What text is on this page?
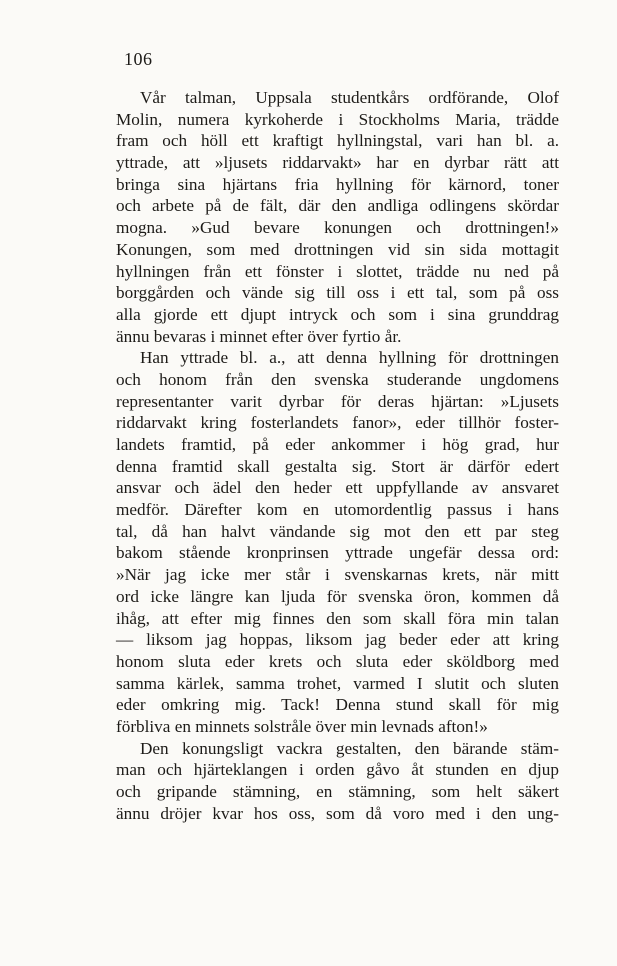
106
Vår talman, Uppsala studentkårs ordförande, Olof
Molin, numera kyrkoherde i Stockholms Maria, trädde
fram och höll ett kraftigt hyllningstal, vari han bl. a.
yttrade, att »ljusets riddarvakt» har en dyrbar rätt att
bringa sina hjärtans fria hyllning för kärnord, toner
och arbete på de fält, där den andliga odlingens skördar
mogna. »Gud bevare konungen och drottningen!»
Konungen, som med drottningen vid sin sida mottagit
hyllningen från ett fönster i slottet, trädde nu ned på
borggården och vände sig till oss i ett tal, som på oss
alla gjorde ett djupt intryck och som i sina grunddrag
ännu bevaras i minnet efter över fyrtio år.
Han yttrade bl. a., att denna hyllning för drottningen
och honom från den svenska studerande ungdomens
representanter varit dyrbar för deras hjärtan: »Ljusets
riddarvakt kring fosterlandets fanor», eder tillhör foster-
landets framtid, på eder ankommer i hög grad, hur
denna framtid skall gestalta sig. Stort är därför edert
ansvar och ädel den heder ett uppfyllande av ansvaret
medför. Därefter kom en utomordentlig passus i hans
tal, då han halvt vändande sig mot den ett par steg
bakom stående kronprinsen yttrade ungefär dessa ord:
»När jag icke mer står i svenskarnas krets, när mitt
ord icke längre kan ljuda för svenska öron, kommen då
ihåg, att efter mig finnes den som skall föra min talan
— liksom jag hoppas, liksom jag beder eder att kring
honom sluta eder krets och sluta eder sköldborg med
samma kärlek, samma trohet, varmed I slutit och sluten
eder omkring mig. Tack! Denna stund skall för mig
förbliva en minnets solstråle över min levnads afton!»
Den konungsligt vackra gestalten, den bärande stäm-
man och hjärteklangen i orden gåvo åt stunden en djup
och gripande stämning, en stämning, som helt säkert
ännu dröjer kvar hos oss, som då voro med i den ung-
